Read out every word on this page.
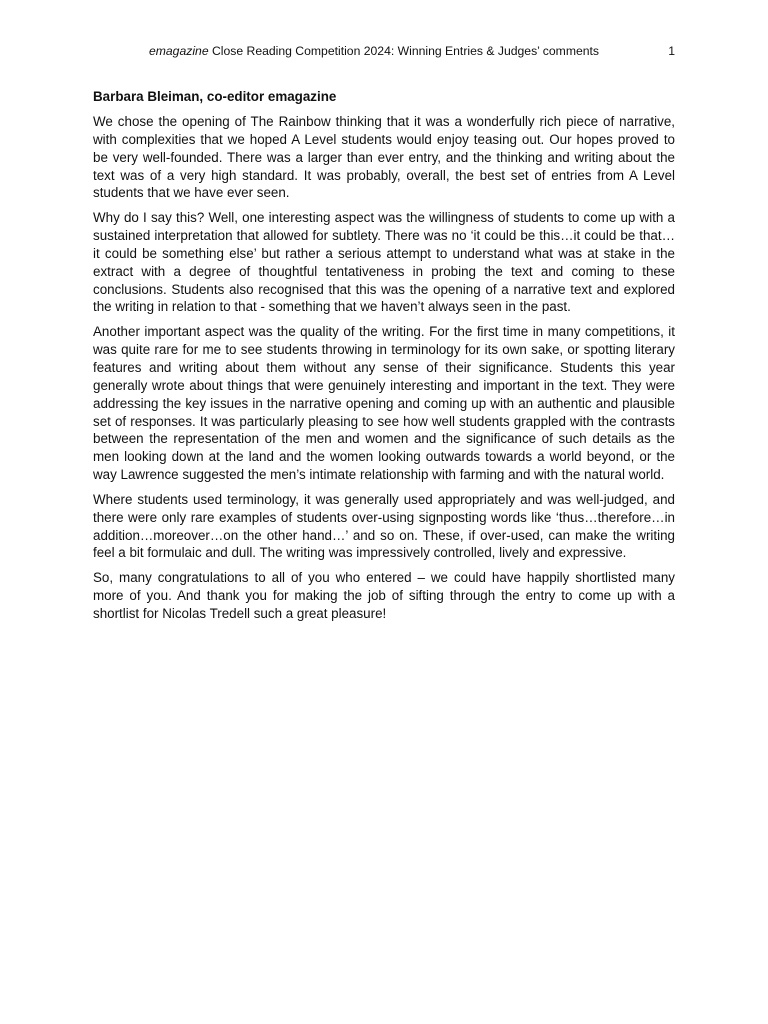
emagazine Close Reading Competition 2024: Winning Entries & Judges’ comments	1
Barbara Bleiman, co-editor emagazine

We chose the opening of The Rainbow thinking that it was a wonderfully rich piece of narrative, with complexities that we hoped A Level students would enjoy teasing out. Our hopes proved to be very well-founded. There was a larger than ever entry, and the thinking and writing about the text was of a very high standard. It was probably, overall, the best set of entries from A Level students that we have ever seen.

Why do I say this? Well, one interesting aspect was the willingness of students to come up with a sustained interpretation that allowed for subtlety. There was no ‘it could be this…it could be that…it could be something else’ but rather a serious attempt to understand what was at stake in the extract with a degree of thoughtful tentativeness in probing the text and coming to these conclusions. Students also recognised that this was the opening of a narrative text and explored the writing in relation to that - something that we haven’t always seen in the past.

Another important aspect was the quality of the writing. For the first time in many competitions, it was quite rare for me to see students throwing in terminology for its own sake, or spotting literary features and writing about them without any sense of their significance. Students this year generally wrote about things that were genuinely interesting and important in the text. They were addressing the key issues in the narrative opening and coming up with an authentic and plausible set of responses. It was particularly pleasing to see how well students grappled with the contrasts between the representation of the men and women and the significance of such details as the men looking down at the land and the women looking outwards towards a world beyond, or the way Lawrence suggested the men’s intimate relationship with farming and with the natural world.

Where students used terminology, it was generally used appropriately and was well-judged, and there were only rare examples of students over-using signposting words like ‘thus…therefore…in addition…moreover…on the other hand…’ and so on. These, if over-used, can make the writing feel a bit formulaic and dull. The writing was impressively controlled, lively and expressive.

So, many congratulations to all of you who entered – we could have happily shortlisted many more of you. And thank you for making the job of sifting through the entry to come up with a shortlist for Nicolas Tredell such a great pleasure!
